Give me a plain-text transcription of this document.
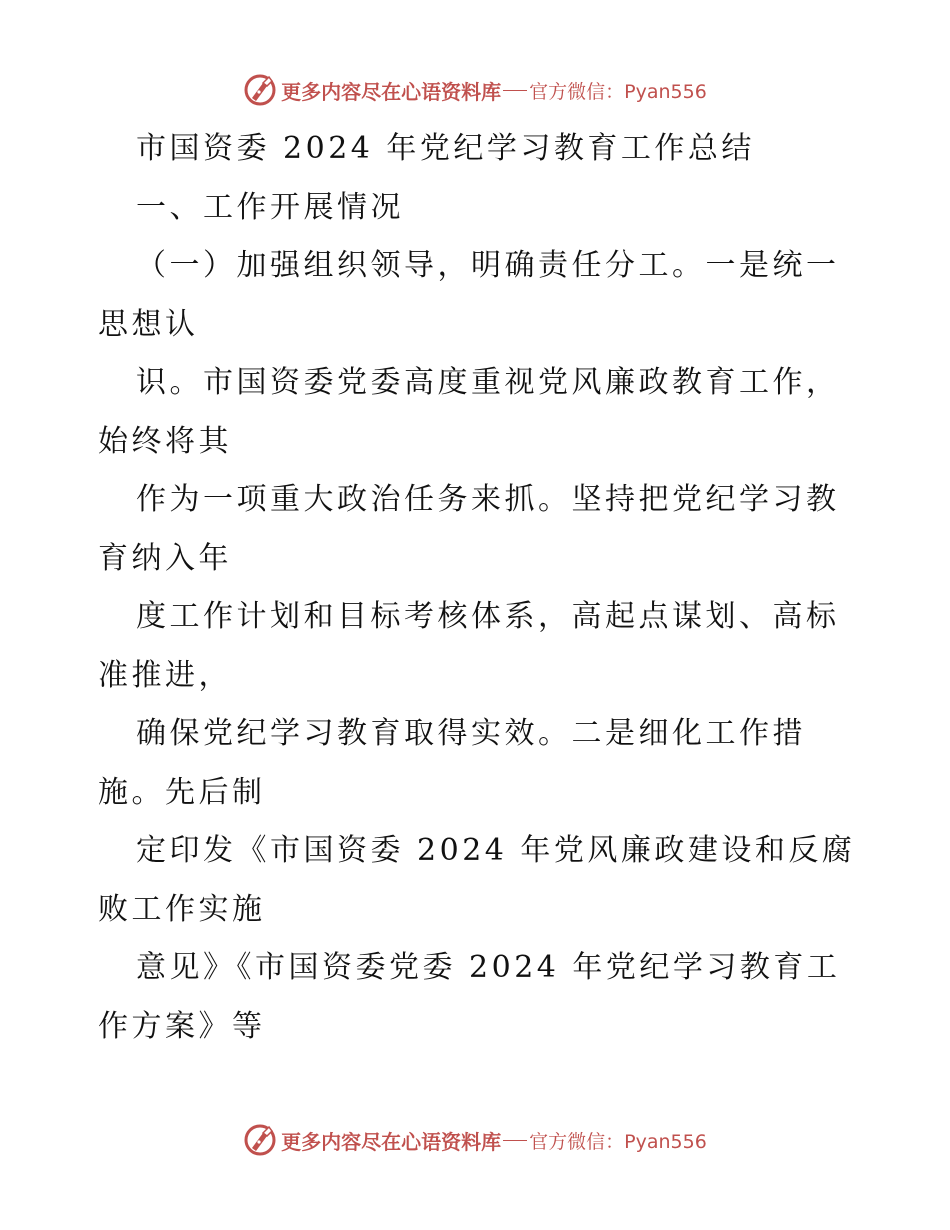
更多内容尽在心语资料库 官方微信：Pyan556
市国资委 2024 年党纪学习教育工作总结
一、工作开展情况
（一）加强组织领导，明确责任分工。一是统一
思想认
识。市国资委党委高度重视党风廉政教育工作，
始终将其
作为一项重大政治任务来抓。坚持把党纪学习教
育纳入年
度工作计划和目标考核体系，高起点谋划、高标
准推进，
确保党纪学习教育取得实效。二是细化工作措
施。先后制
定印发《市国资委 2024 年党风廉政建设和反腐
败工作实施
意见》《市国资委党委 2024 年党纪学习教育工
作方案》等
更多内容尽在心语资料库 官方微信：Pyan556
